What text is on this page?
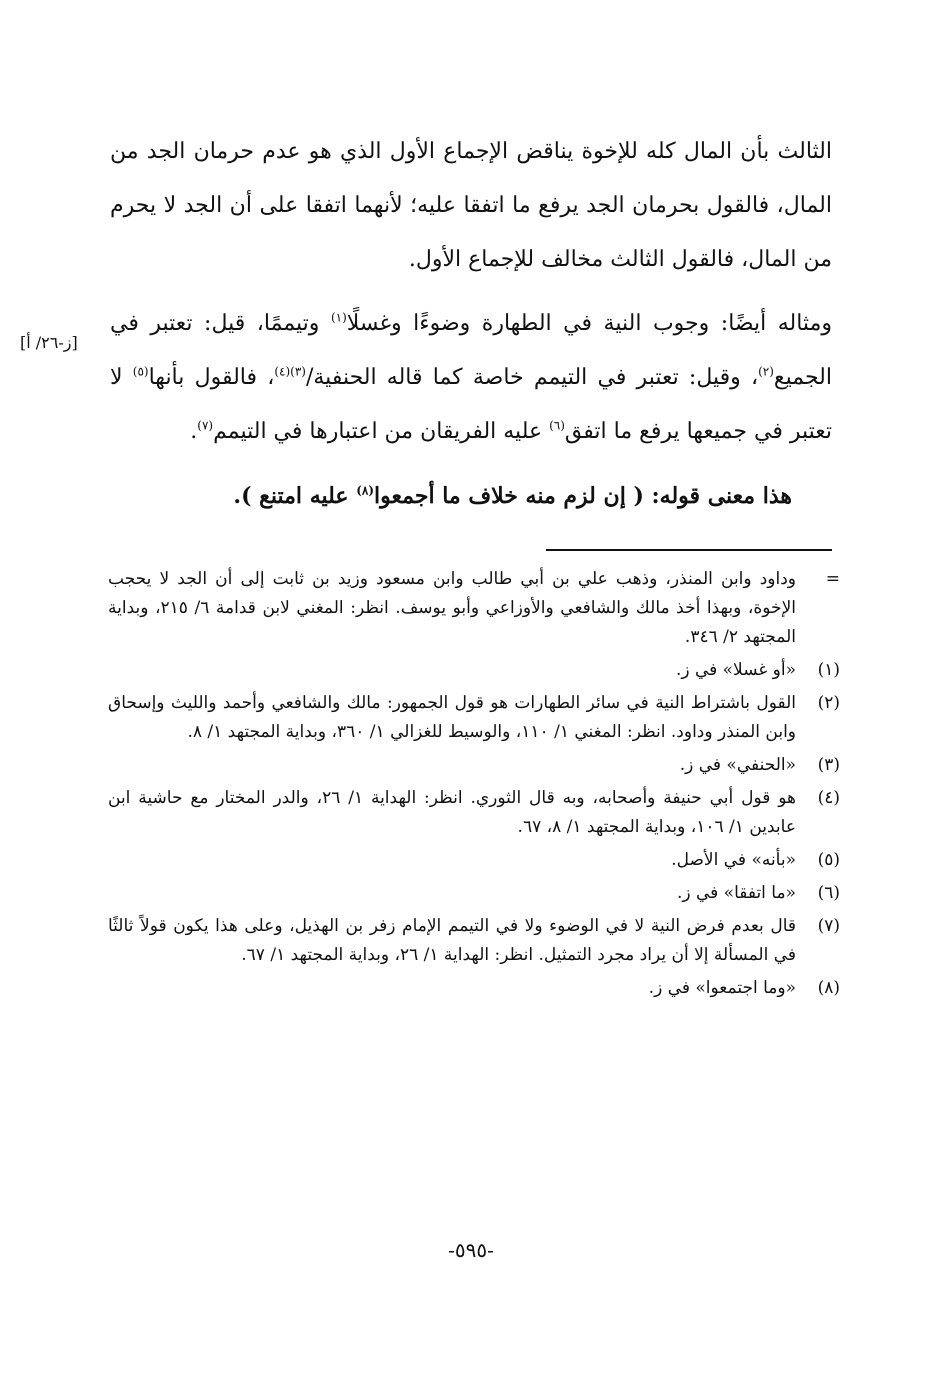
الثالث بأن المال كله للإخوة يناقض الإجماع الأول الذي هو عدم حرمان الجد من المال، فالقول بحرمان الجد يرفع ما اتفقا عليه؛ لأنهما اتفقا على أن الجد لا يحرم من المال، فالقول الثالث مخالف للإجماع الأول.

ومثاله أيضًا: وجوب النية في الطهارة وضوءًا وغسلًا$^{(١)}$ وتيممًا، قيل: تعتبر في الجميع$^{(٢)}$، وقيل: تعتبر في التيمم خاصة كما قاله الحنفية/$^{(٣)(٤)}$، فالقول بأنها$^{(٥)}$ لا تعتبر في جميعها يرفع ما اتفق$^{(٦)}$ عليه الفريقان من اعتبارها في التيمم$^{(٧)}$.

هذا معنى قوله: ( إن لزم منه خلاف ما أجمعوا$^{(٨)}$ عليه امتنع ).

[ز-٢٦/ أ]
=
وداود وابن المنذر، وذهب علي بن أبي طالب وابن مسعود وزيد بن ثابت إلى أن الجد لا يحجب الإخوة، وبهذا أخذ مالك والشافعي والأوزاعي وأبو يوسف. انظر: المغني لابن قدامة ٦/ ٢١٥، وبداية المجتهد ٢/ ٣٤٦.
(١)
«أو غسلا» في ز.
(٢)
القول باشتراط النية في سائر الطهارات هو قول الجمهور: مالك والشافعي وأحمد والليث وإسحاق وابن المنذر وداود. انظر: المغني ١/ ١١٠، والوسيط للغزالي ١/ ٣٦٠، وبداية المجتهد ١/ ٨.
(٣)
«الحنفي» في ز.
(٤)
هو قول أبي حنيفة وأصحابه، وبه قال الثوري. انظر: الهداية ١/ ٢٦، والدر المختار مع حاشية ابن عابدين ١/ ١٠٦، وبداية المجتهد ١/ ٨، ٦٧.
(٥)
«بأنه» في الأصل.
(٦)
«ما اتفقا» في ز.
(٧)
قال بعدم فرض النية لا في الوضوء ولا في التيمم الإمام زفر بن الهذيل، وعلى هذا يكون قولاً ثالثًا في المسألة إلا أن يراد مجرد التمثيل. انظر: الهداية ١/ ٢٦، وبداية المجتهد ١/ ٦٧.
(٨)
«وما اجتمعوا» في ز.
-٥٩٥-
